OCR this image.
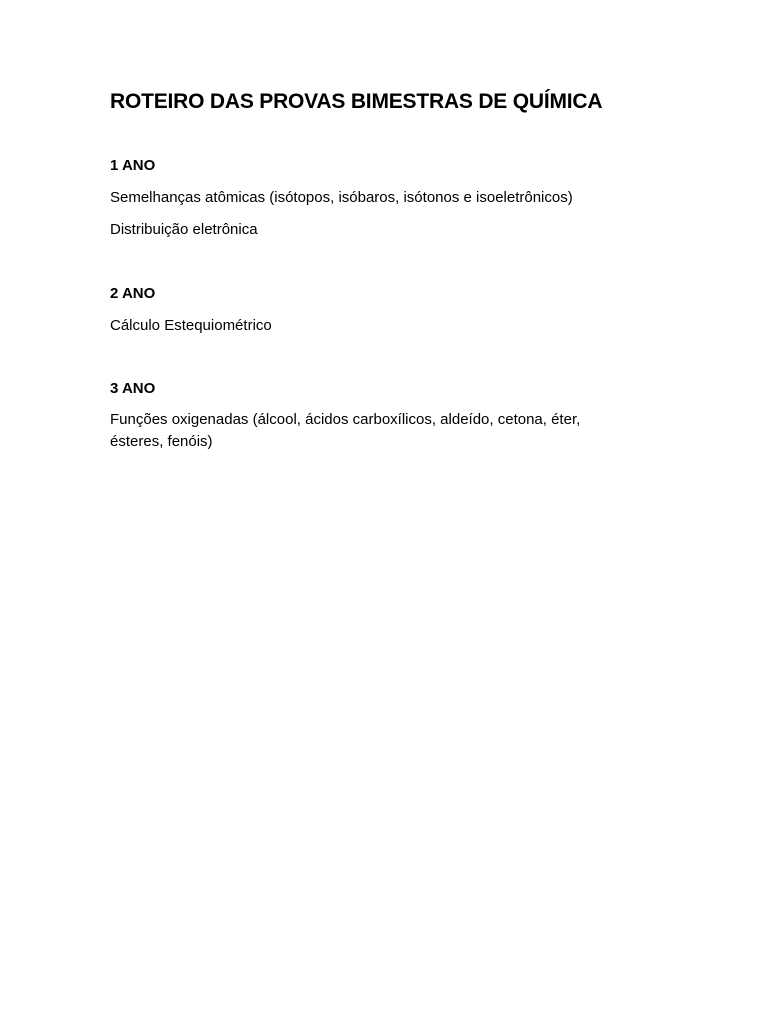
ROTEIRO DAS PROVAS BIMESTRAS DE QUÍMICA
1 ANO

Semelhanças atômicas (isótopos, isóbaros, isótonos e isoeletrônicos)

Distribuição eletrônica

2 ANO

Cálculo Estequiométrico

3 ANO

Funções oxigenadas (álcool, ácidos carboxílicos, aldeído, cetona, éter, ésteres, fenóis)
